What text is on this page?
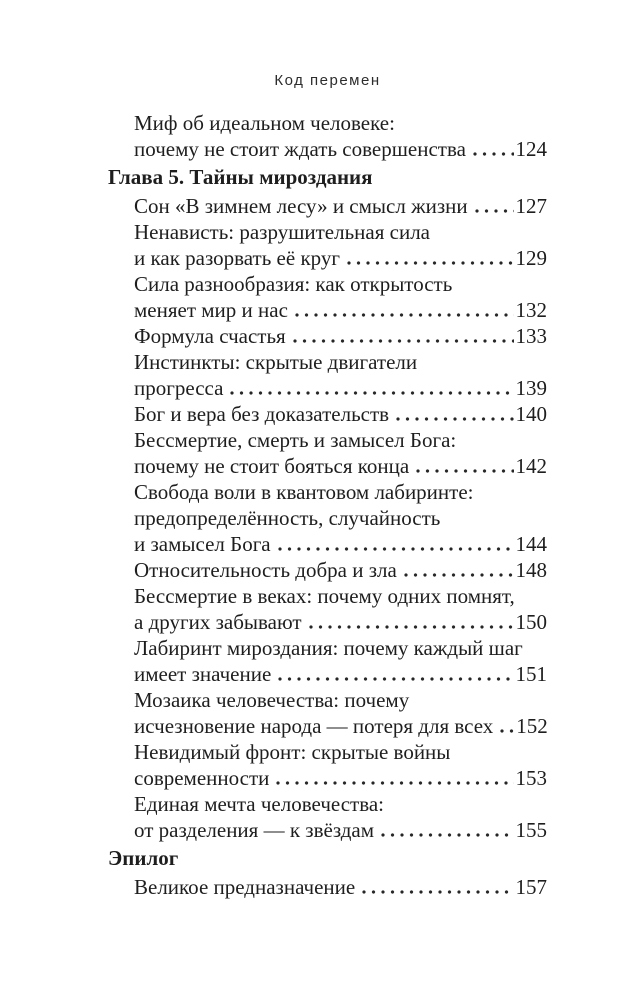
Код перемен
Миф об идеальном человеке:
почему не стоит ждать совершенства 124
Глава 5. Тайны мироздания
Сон «В зимнем лесу» и смысл жизни 127
Ненависть: разрушительная сила
и как разорвать её круг	129
Сила разнообразия: как открытость
меняет мир и нас	132
Формула счастья	133
Инстинкты: скрытые двигатели
прогресса	139
Бог и вера без доказательств	140
Бессмертие, смерть и замысел Бога:
почему не стоит бояться конца	142
Свобода воли в квантовом лабиринте:
предопределённость, случайность
и замысел Бога	144
Относительность добра и зла	148
Бессмертие в веках: почему одних помнят,
а других забывают	150
Лабиринт мироздания: почему каждый шаг
имеет значение	151
Мозаика человечества: почему
исчезновение народа — потеря для всех 152
Невидимый фронт: скрытые войны
современности	153
Единая мечта человечества:
от разделения — к звёздам	155
Эпилог
Великое предназначение	157
